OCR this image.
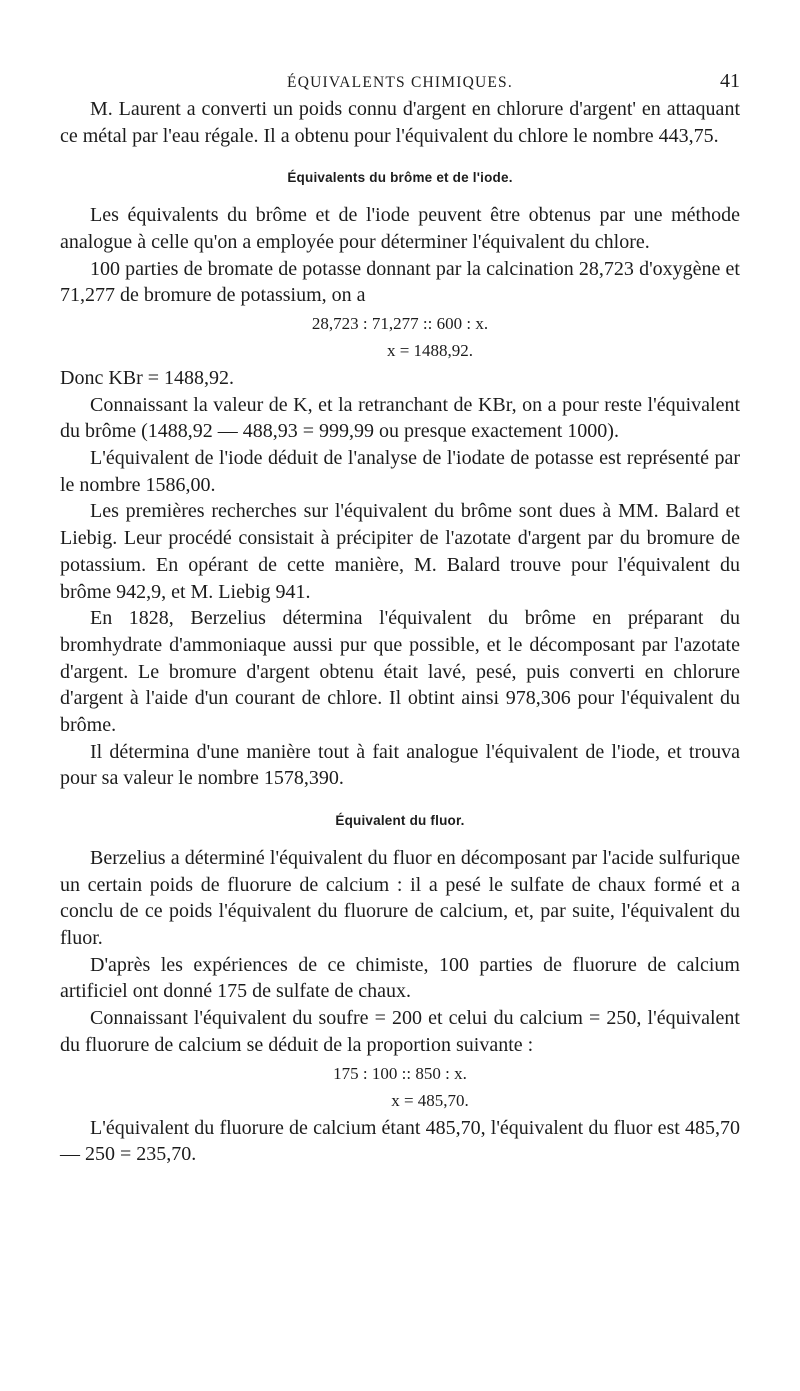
ÉQUIVALENTS CHIMIQUES.	41

M. Laurent a converti un poids connu d'argent en chlorure d'argent' en attaquant ce métal par l'eau régale. Il a obtenu pour l'équivalent du chlore le nombre 443,75.

Équivalents du brôme et de l'iode.

Les équivalents du brôme et de l'iode peuvent être obtenus par une méthode analogue à celle qu'on a employée pour déterminer l'équivalent du chlore.

100 parties de bromate de potasse donnant par la calcination 28,723 d'oxygène et 71,277 de bromure de potassium, on a

28,723 : 71,277 :: 600 : x.
x = 1488,92.

Donc KBr = 1488,92.

Connaissant la valeur de K, et la retranchant de KBr, on a pour reste l'équivalent du brôme (1488,92 — 488,93 = 999,99 ou presque exactement 1000).

L'équivalent de l'iode déduit de l'analyse de l'iodate de potasse est représenté par le nombre 1586,00.

Les premières recherches sur l'équivalent du brôme sont dues à MM. Balard et Liebig. Leur procédé consistait à précipiter de l'azotate d'argent par du bromure de potassium. En opérant de cette manière, M. Balard trouve pour l'équivalent du brôme 942,9, et M. Liebig 941.

En 1828, Berzelius détermina l'équivalent du brôme en préparant du bromhydrate d'ammoniaque aussi pur que possible, et le décomposant par l'azotate d'argent. Le bromure d'argent obtenu était lavé, pesé, puis converti en chlorure d'argent à l'aide d'un courant de chlore. Il obtint ainsi 978,306 pour l'équivalent du brôme.

Il détermina d'une manière tout à fait analogue l'équivalent de l'iode, et trouva pour sa valeur le nombre 1578,390.

Équivalent du fluor.

Berzelius a déterminé l'équivalent du fluor en décomposant par l'acide sulfurique un certain poids de fluorure de calcium : il a pesé le sulfate de chaux formé et a conclu de ce poids l'équivalent du fluorure de calcium, et, par suite, l'équivalent du fluor.

D'après les expériences de ce chimiste, 100 parties de fluorure de calcium artificiel ont donné 175 de sulfate de chaux.

Connaissant l'équivalent du soufre = 200 et celui du calcium = 250, l'équivalent du fluorure de calcium se déduit de la proportion suivante :

175 : 100 :: 850 : x.
x = 485,70.

L'équivalent du fluorure de calcium étant 485,70, l'équivalent du fluor est 485,70 — 250 = 235,70.
